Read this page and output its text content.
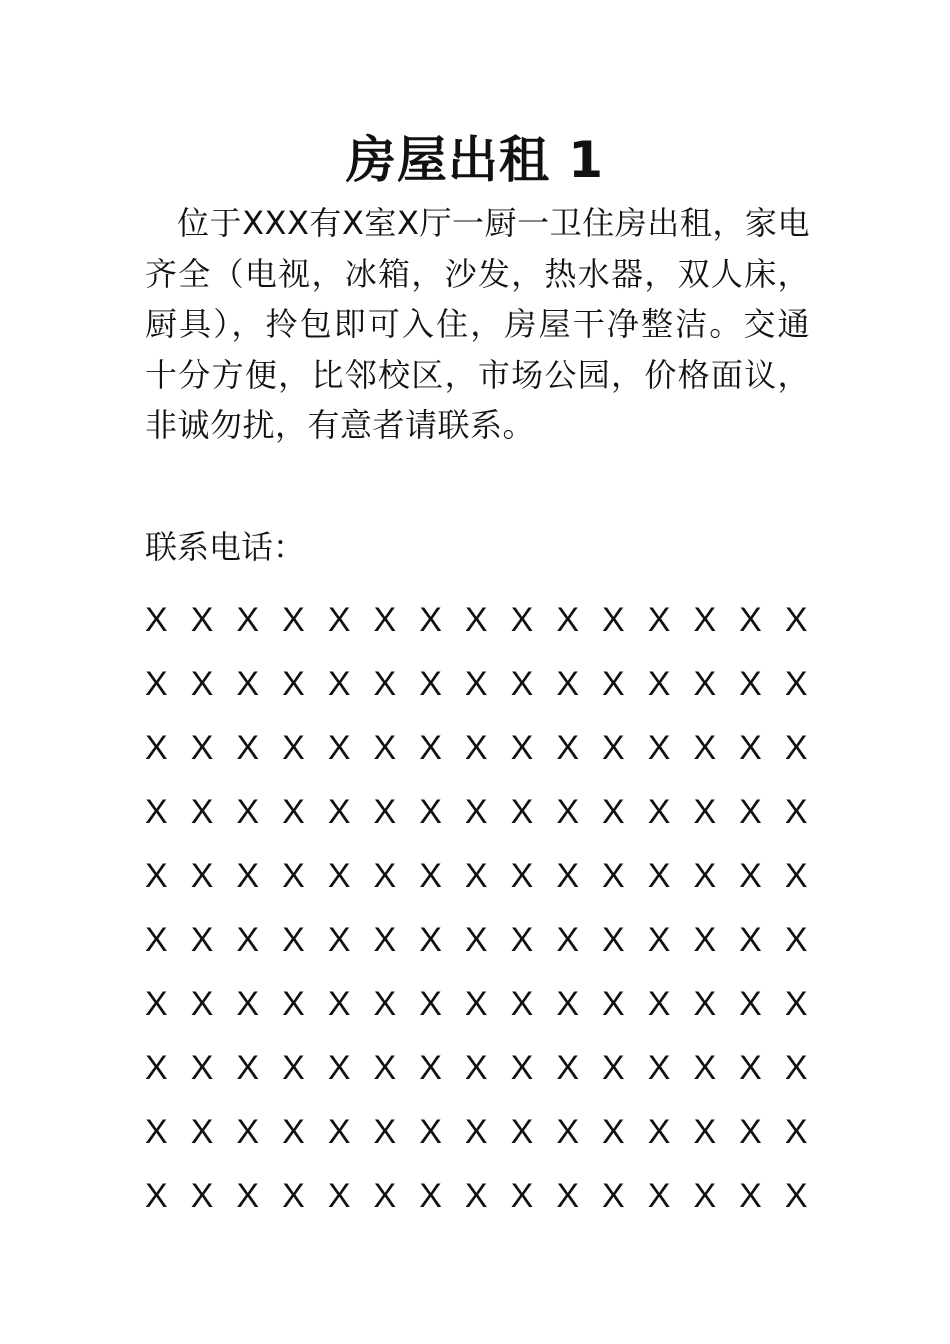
房屋出租 1

位于XXX有X室X厅一厨一卫住房出租，家电齐全（电视，冰箱，沙发，热水器，双人床，厨具），拎包即可入住，房屋干净整洁。交通十分方便，比邻校区，市场公园，价格面议，非诚勿扰，有意者请联系。

联系电话：

X X X X X X X X X X X X X X X
X X X X X X X X X X X X X X X
X X X X X X X X X X X X X X X
X X X X X X X X X X X X X X X
X X X X X X X X X X X X X X X
X X X X X X X X X X X X X X X
X X X X X X X X X X X X X X X
X X X X X X X X X X X X X X X
X X X X X X X X X X X X X X X
X X X X X X X X X X X X X X X
